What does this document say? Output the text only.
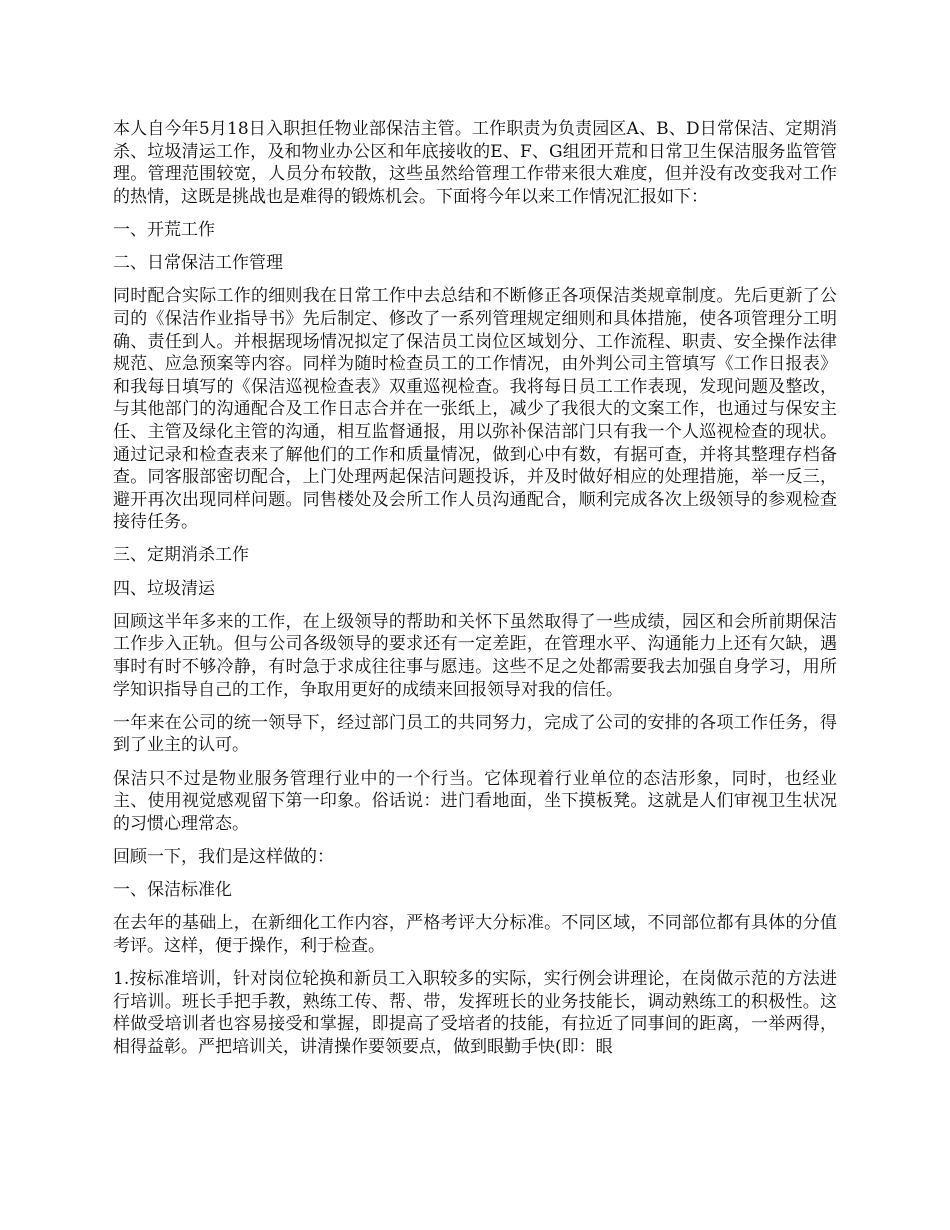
本人自今年5月18日入职担任物业部保洁主管。工作职责为负责园区A、B、D日常保洁、定期消杀、垃圾清运工作，及和物业办公区和年底接收的E、F、G组团开荒和日常卫生保洁服务监管管理。管理范围较宽，人员分布较散，这些虽然给管理工作带来很大难度，但并没有改变我对工作的热情，这既是挑战也是难得的锻炼机会。下面将今年以来工作情况汇报如下：

一、开荒工作

二、日常保洁工作管理

同时配合实际工作的细则我在日常工作中去总结和不断修正各项保洁类规章制度。先后更新了公司的《保洁作业指导书》先后制定、修改了一系列管理规定细则和具体措施，使各项管理分工明确、责任到人。并根据现场情况拟定了保洁员工岗位区域划分、工作流程、职责、安全操作法律规范、应急预案等内容。同样为随时检查员工的工作情况，由外判公司主管填写《工作日报表》和我每日填写的《保洁巡视检查表》双重巡视检查。我将每日员工工作表现，发现问题及整改，与其他部门的沟通配合及工作日志合并在一张纸上，减少了我很大的文案工作，也通过与保安主任、主管及绿化主管的沟通，相互监督通报，用以弥补保洁部门只有我一个人巡视检查的现状。通过记录和检查表来了解他们的工作和质量情况，做到心中有数，有据可查，并将其整理存档备查。同客服部密切配合，上门处理两起保洁问题投诉，并及时做好相应的处理措施，举一反三，避开再次出现同样问题。同售楼处及会所工作人员沟通配合，顺利完成各次上级领导的参观检查接待任务。

三、定期消杀工作

四、垃圾清运

回顾这半年多来的工作，在上级领导的帮助和关怀下虽然取得了一些成绩，园区和会所前期保洁工作步入正轨。但与公司各级领导的要求还有一定差距，在管理水平、沟通能力上还有欠缺，遇事时有时不够冷静，有时急于求成往往事与愿违。这些不足之处都需要我去加强自身学习，用所学知识指导自己的工作，争取用更好的成绩来回报领导对我的信任。

一年来在公司的统一领导下，经过部门员工的共同努力，完成了公司的安排的各项工作任务，得到了业主的认可。

保洁只不过是物业服务管理行业中的一个行当。它体现着行业单位的态洁形象，同时，也经业主、使用视觉感观留下第一印象。俗话说：进门看地面，坐下摸板凳。这就是人们审视卫生状况的习惯心理常态。

回顾一下，我们是这样做的：

一、保洁标准化

在去年的基础上，在新细化工作内容，严格考评大分标准。不同区域，不同部位都有具体的分值考评。这样，便于操作，利于检查。

1.按标准培训，针对岗位轮换和新员工入职较多的实际，实行例会讲理论，在岗做示范的方法进行培训。班长手把手教，熟练工传、帮、带，发挥班长的业务技能长，调动熟练工的积极性。这样做受培训者也容易接受和掌握，即提高了受培者的技能，有拉近了同事间的距离，一举两得，相得益彰。严把培训关，讲清操作要领要点，做到眼勤手快(即：眼
